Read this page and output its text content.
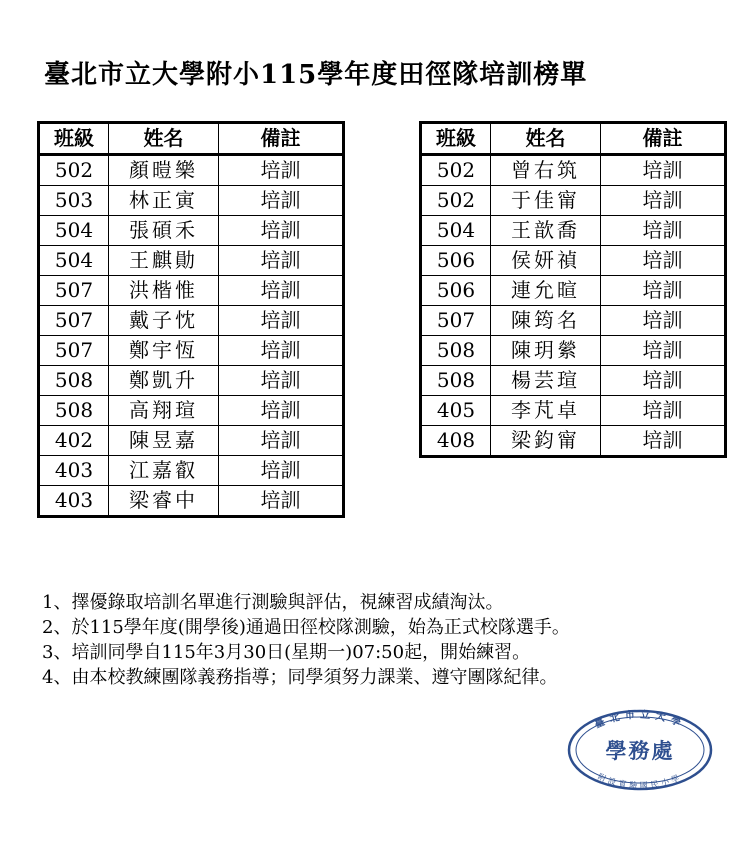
臺北市立大學附小115學年度田徑隊培訓榜單
班級	姓名	備註
502	顏暟樂	培訓
503	林正寅	培訓
504	張碩禾	培訓
504	王麒勛	培訓
507	洪楷惟	培訓
507	戴子忱	培訓
507	鄭宇恆	培訓
508	鄭凱升	培訓
508	高翔瑄	培訓
402	陳昱嘉	培訓
403	江嘉叡	培訓
403	梁睿中	培訓
班級	姓名	備註
502	曾右筑	培訓
502	于佳甯	培訓
504	王歆喬	培訓
506	侯妍禎	培訓
506	連允暄	培訓
507	陳筠名	培訓
508	陳玥縈	培訓
508	楊芸瑄	培訓
405	李芃卓	培訓
408	梁鈞甯	培訓
1、擇優錄取培訓名單進行測驗與評估，視練習成績淘汰。
2、於115學年度(開學後)通過田徑校隊測驗，始為正式校隊選手。
3、培訓同學自115年3月30日(星期一)07:50起，開始練習。
4、由本校教練團隊義務指導；同學須努力課業、遵守團隊紀律。
臺北市立大學
附設實驗國民小學
學務處
